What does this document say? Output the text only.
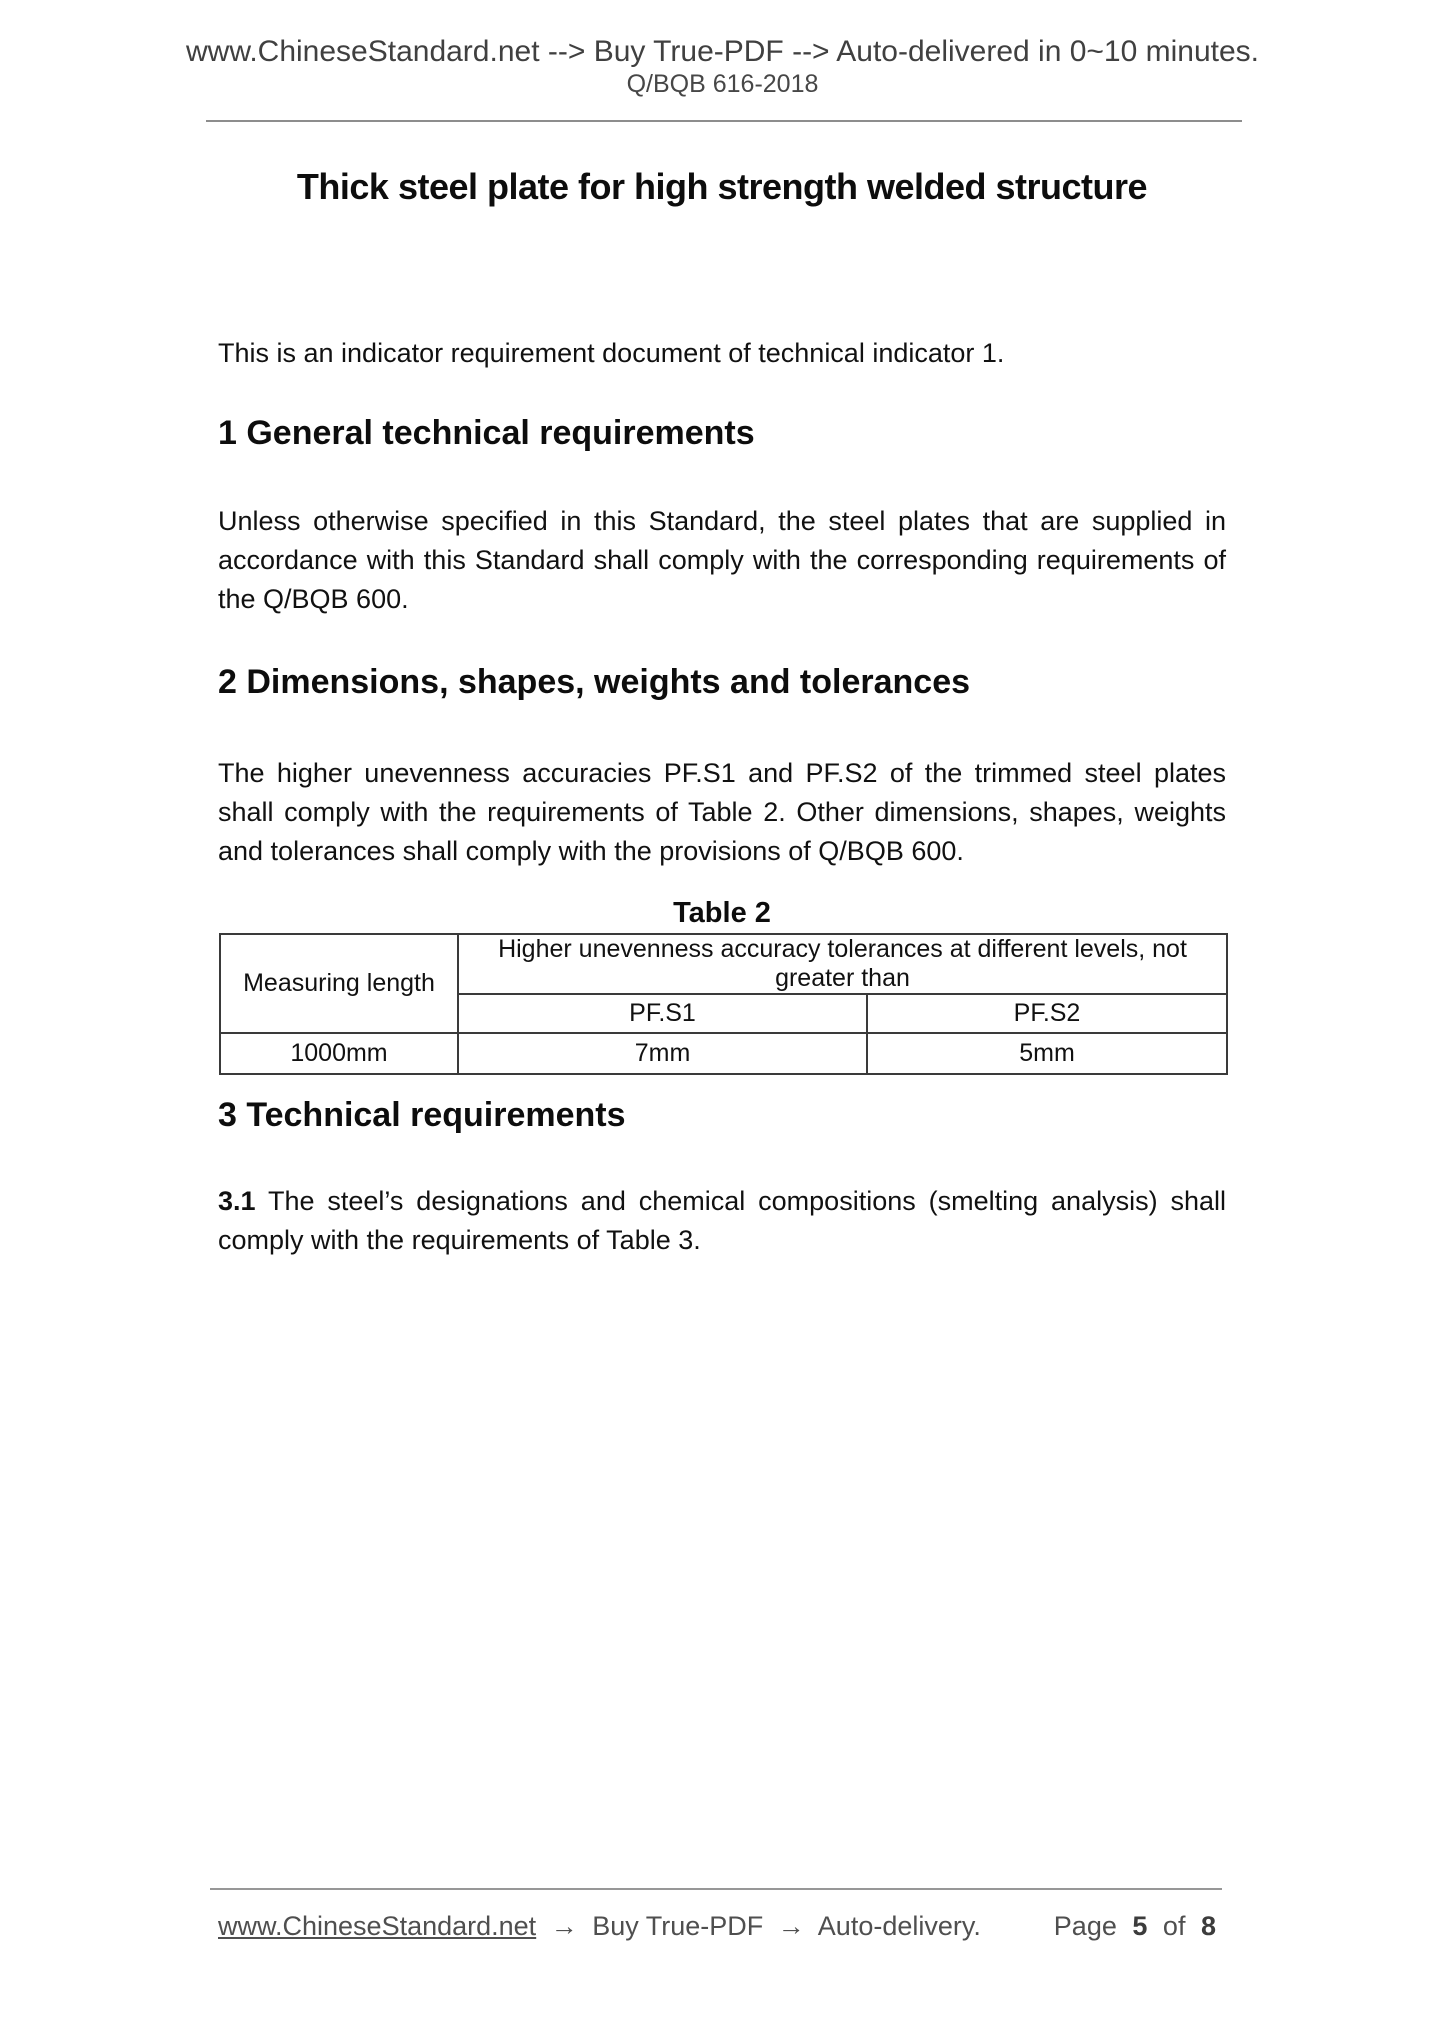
www.ChineseStandard.net --> Buy True-PDF --> Auto-delivered in 0~10 minutes.
Q/BQB 616-2018
Thick steel plate for high strength welded structure
This is an indicator requirement document of technical indicator 1.
1 General technical requirements
Unless otherwise specified in this Standard, the steel plates that are supplied in accordance with this Standard shall comply with the corresponding requirements of the Q/BQB 600.
2 Dimensions, shapes, weights and tolerances
The higher unevenness accuracies PF.S1 and PF.S2 of the trimmed steel plates shall comply with the requirements of Table 2. Other dimensions, shapes, weights and tolerances shall comply with the provisions of Q/BQB 600.
Table 2
Measuring length	Higher unevenness accuracy tolerances at different levels, not greater than	
	PF.S1	PF.S2
1000mm	7mm	5mm
3 Technical requirements
3.1 The steel’s designations and chemical compositions (smelting analysis) shall comply with the requirements of Table 3.
www.ChineseStandard.net → Buy True-PDF → Auto-delivery.	Page 5 of 8
